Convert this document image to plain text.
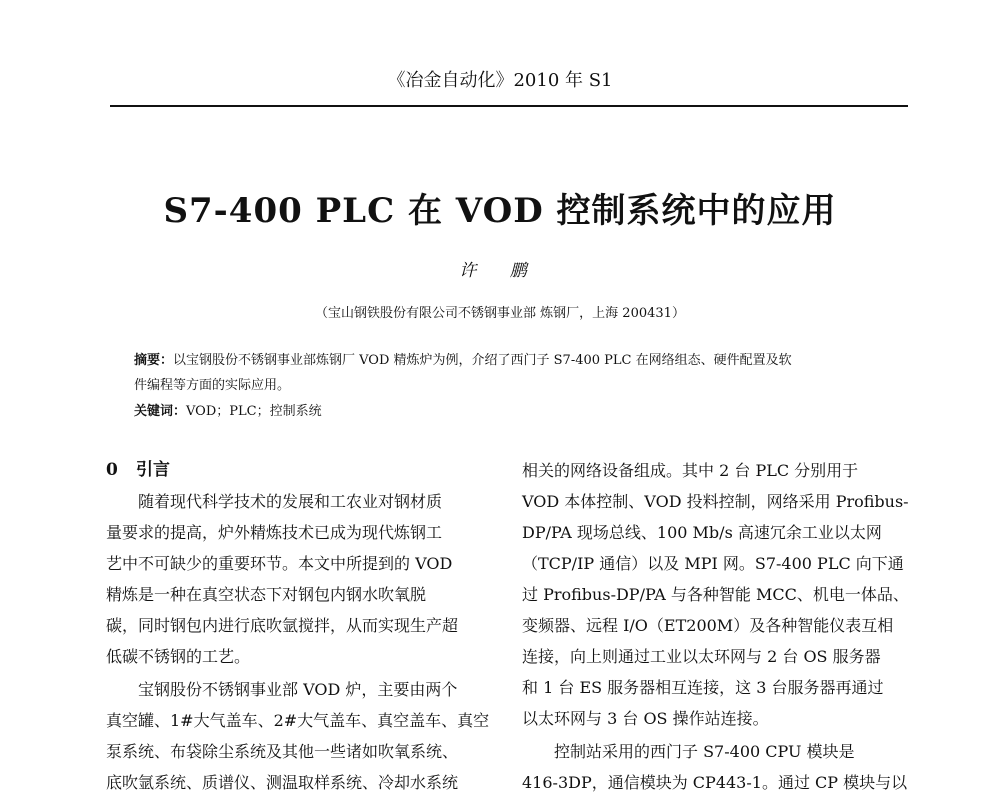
《冶金自动化》2010 年 S1
S7-400 PLC 在 VOD 控制系统中的应用
许 鹏
（宝山钢铁股份有限公司不锈钢事业部 炼钢厂，上海 200431）
摘要：以宝钢股份不锈钢事业部炼钢厂 VOD 精炼炉为例，介绍了西门子 S7-400 PLC 在网络组态、硬件配置及软
件编程等方面的实际应用。
关键词：VOD；PLC；控制系统
0 引言
随着现代科学技术的发展和工农业对钢材质
量要求的提高，炉外精炼技术已成为现代炼钢工
艺中不可缺少的重要环节。本文中所提到的 VOD
精炼是一种在真空状态下对钢包内钢水吹氧脱
碳，同时钢包内进行底吹氩搅拌，从而实现生产超
低碳不锈钢的工艺。
宝钢股份不锈钢事业部 VOD 炉，主要由两个
真空罐、1#大气盖车、2#大气盖车、真空盖车、真空
泵系统、布袋除尘系统及其他一些诸如吹氧系统、
底吹氩系统、质谱仪、测温取样系统、冷却水系统
相关的网络设备组成。其中 2 台 PLC 分别用于
VOD 本体控制、VOD 投料控制，网络采用 Profibus-
DP/PA 现场总线、100 Mb/s 高速冗余工业以太网
（TCP/IP 通信）以及 MPI 网。S7-400 PLC 向下通
过 Profibus-DP/PA 与各种智能 MCC、机电一体品、
变频器、远程 I/O（ET200M）及各种智能仪表互相
连接，向上则通过工业以太环网与 2 台 OS 服务器
和 1 台 ES 服务器相互连接，这 3 台服务器再通过
以太环网与 3 台 OS 操作站连接。
控制站采用的西门子 S7-400 CPU 模块是
416-3DP，通信模块为 CP443-1。通过 CP 模块与以
